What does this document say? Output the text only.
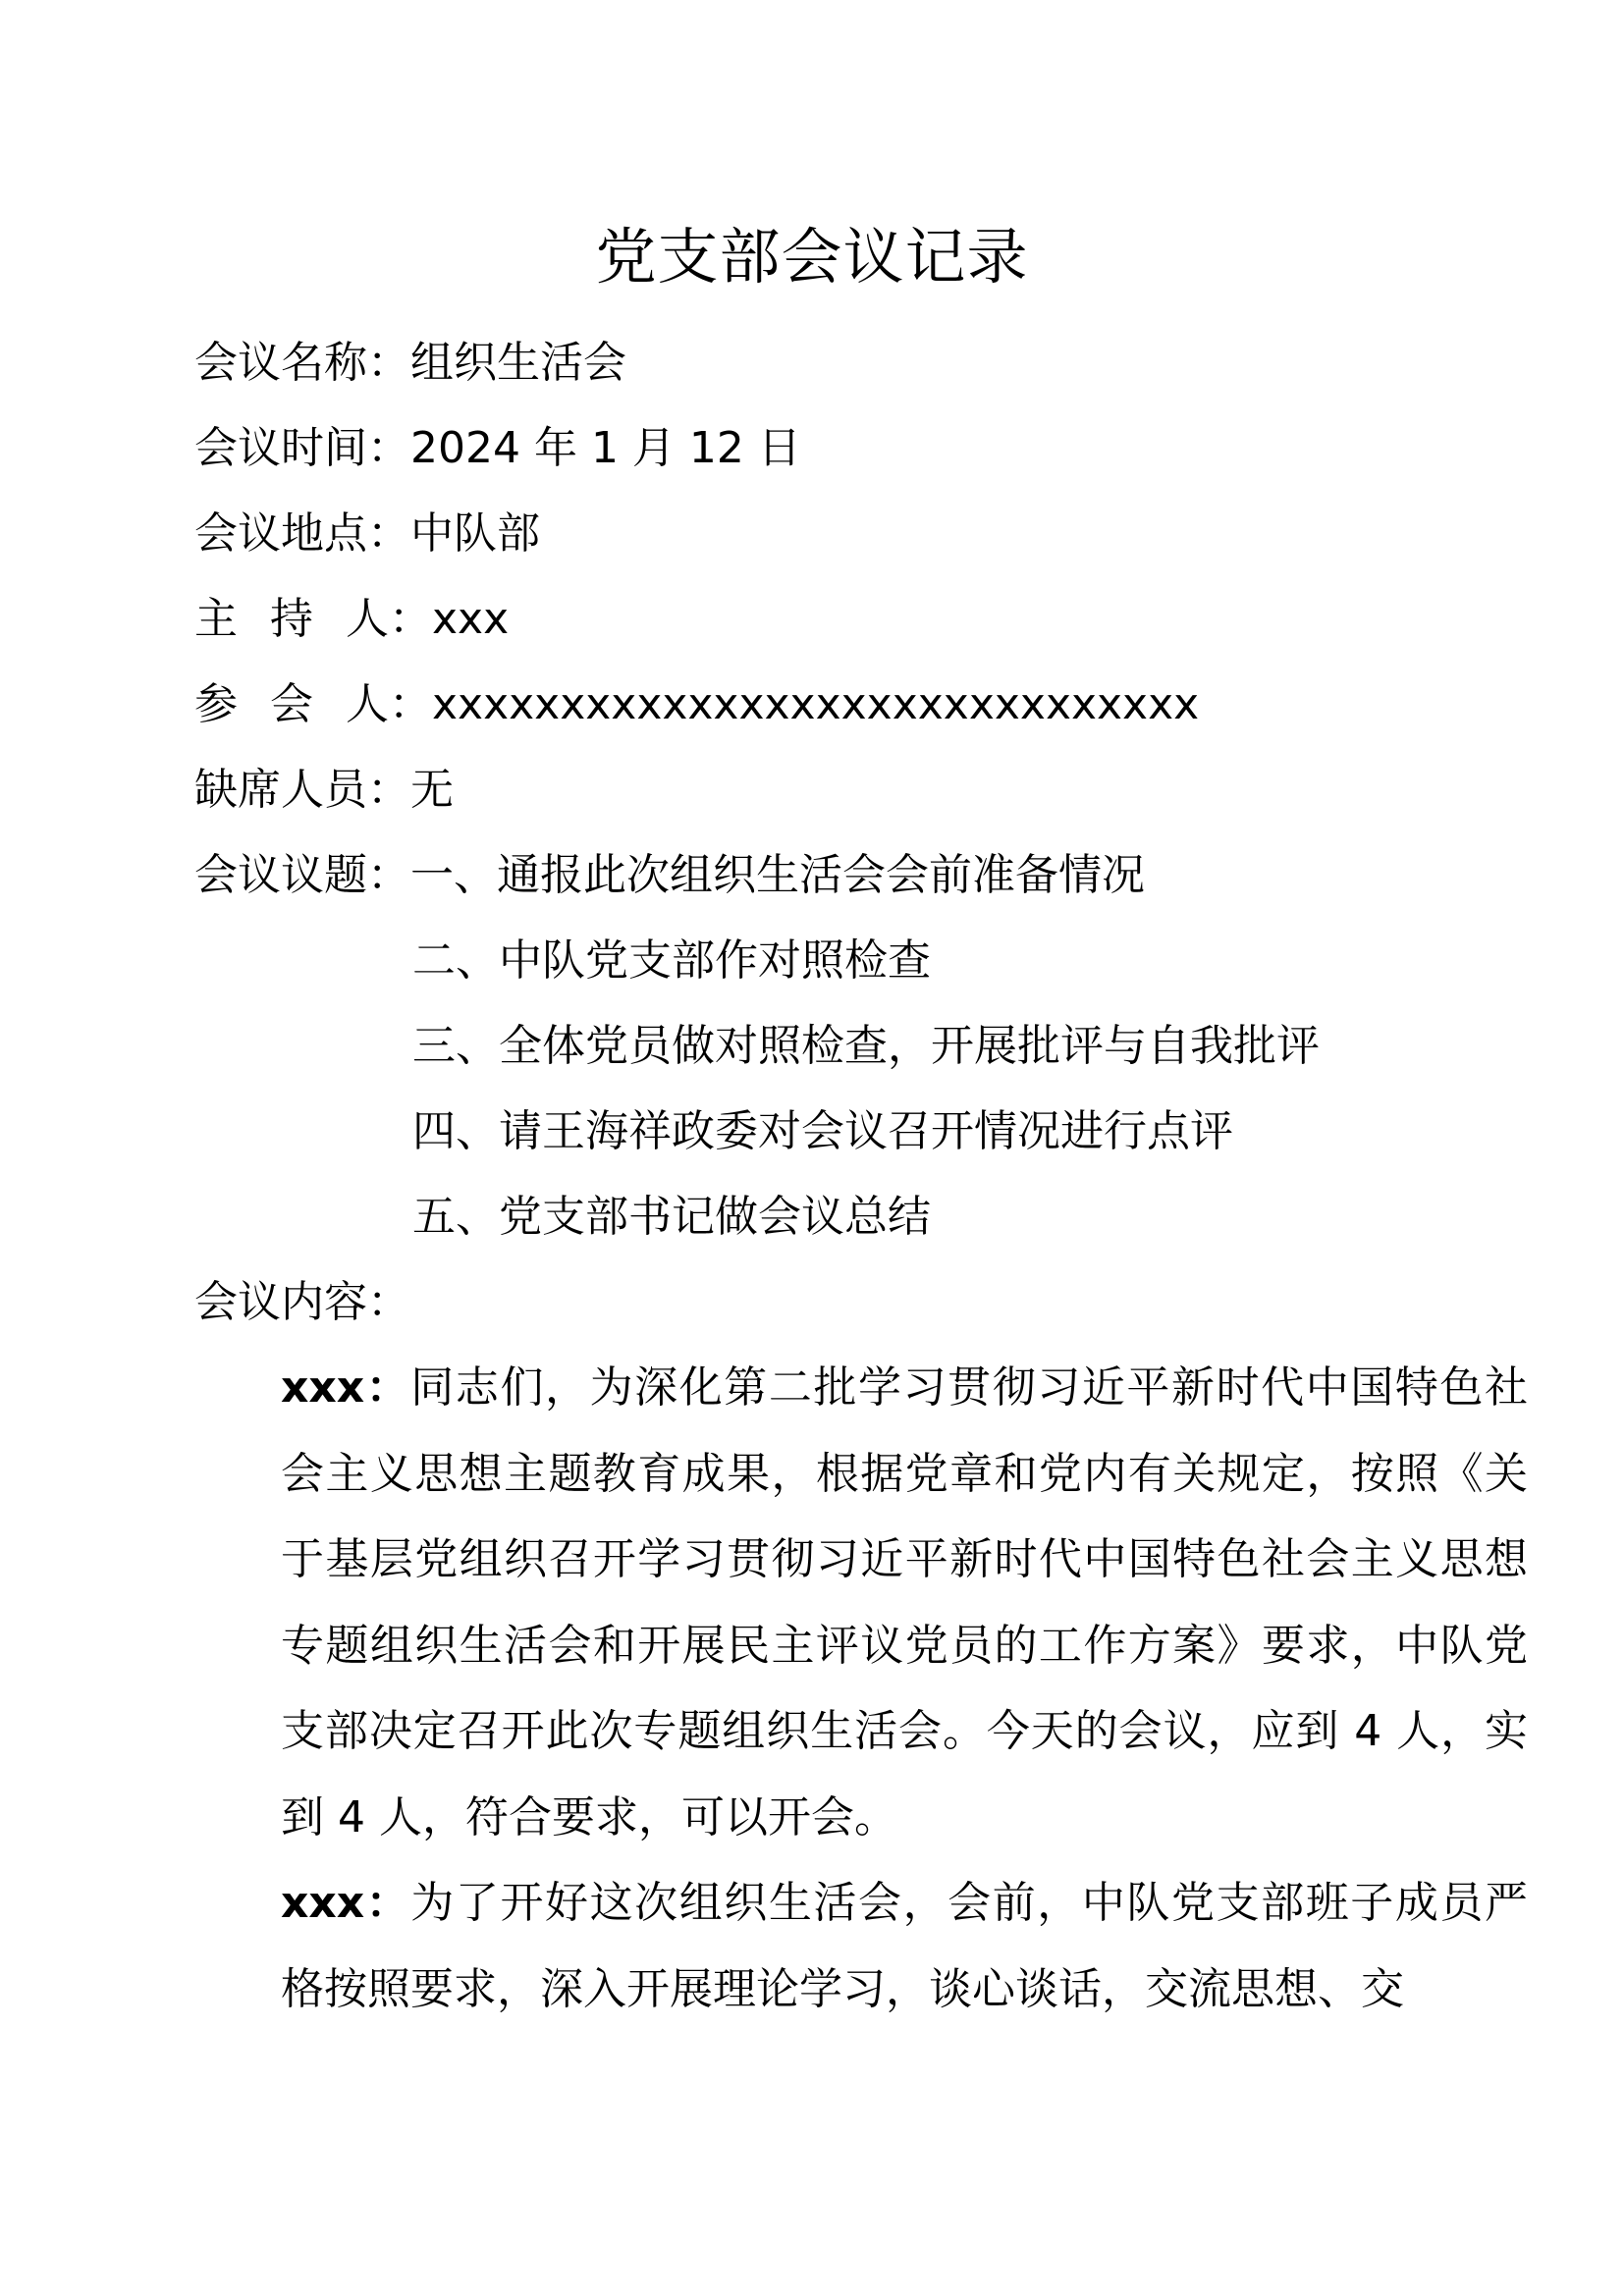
党支部会议记录
会议名称：组织生活会
会议时间：2024 年 1 月 12 日
会议地点：中队部
主 持 人：xxx
参 会 人：xxxxxxxxxxxxxxxxxxxxxxxxxxxxxx
缺席人员：无
会议议题：一、通报此次组织生活会会前准备情况
二、中队党支部作对照检查
三、全体党员做对照检查，开展批评与自我批评
四、请王海祥政委对会议召开情况进行点评
五、党支部书记做会议总结
会议内容：

xxx：同志们，为深化第二批学习贯彻习近平新时代中国特色社会主义思想主题教育成果，根据党章和党内有关规定，按照《关于基层党组织召开学习贯彻习近平新时代中国特色社会主义思想专题组织生活会和开展民主评议党员的工作方案》要求，中队党支部决定召开此次专题组织生活会。今天的会议，应到 4 人，实到 4 人，符合要求，可以开会。

xxx：为了开好这次组织生活会，会前，中队党支部班子成员严格按照要求，深入开展理论学习，谈心谈话，交流思想、交
